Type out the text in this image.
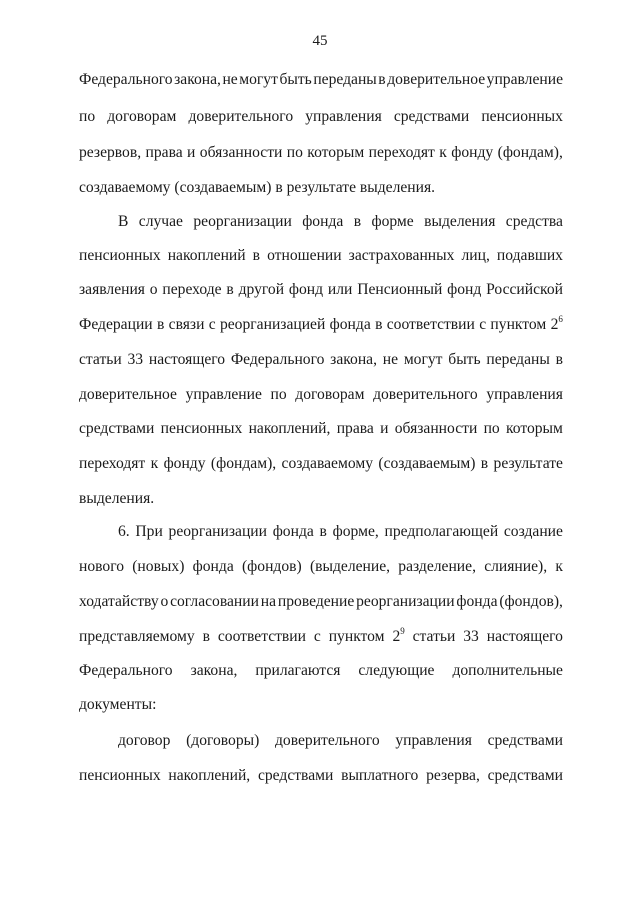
45
Федерального закона, не могут быть переданы в доверительное управление
по договорам доверительного управления средствами пенсионных
резервов, права и обязанности по которым переходят к фонду (фондам),
создаваемому (создаваемым) в результате выделения.
В случае реорганизации фонда в форме выделения средства
пенсионных накоплений в отношении застрахованных лиц, подавших
заявления о переходе в другой фонд или Пенсионный фонд Российской
Федерации в связи с реорганизацией фонда в соответствии с пунктом $2^6$
статьи 33 настоящего Федерального закона, не могут быть переданы в
доверительное управление по договорам доверительного управления
средствами пенсионных накоплений, права и обязанности по которым
переходят к фонду (фондам), создаваемому (создаваемым) в результате
выделения.
6. При реорганизации фонда в форме, предполагающей создание
нового (новых) фонда (фондов) (выделение, разделение, слияние), к
ходатайству о согласовании на проведение реорганизации фонда (фондов),
представляемому в соответствии с пунктом $2^9$ статьи 33 настоящего
Федерального закона, прилагаются следующие дополнительные
документы:
договор (договоры) доверительного управления средствами
пенсионных накоплений, средствами выплатного резерва, средствами
